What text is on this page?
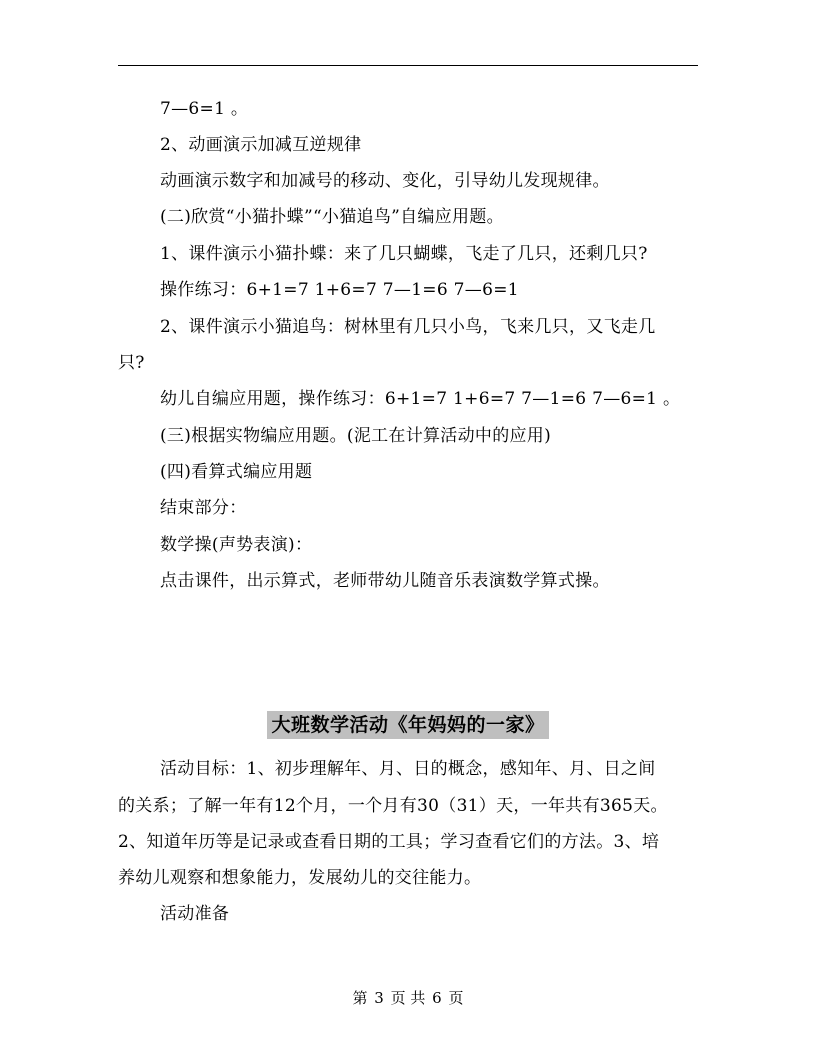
7—6=1 。
2、动画演示加减互逆规律
动画演示数字和加减号的移动、变化，引导幼儿发现规律。
(二)欣赏“小猫扑蝶”“小猫追鸟”自编应用题。
1、课件演示小猫扑蝶：来了几只蝴蝶，飞走了几只，还剩几只?
操作练习：6+1=7 1+6=7 7—1=6 7—6=1
2、课件演示小猫追鸟：树林里有几只小鸟，飞来几只，又飞走几
只?
幼儿自编应用题，操作练习：6+1=7 1+6=7 7—1=6 7—6=1 。
(三)根据实物编应用题。(泥工在计算活动中的应用)
(四)看算式编应用题
结束部分：
数学操(声势表演)：
点击课件，出示算式，老师带幼儿随音乐表演数学算式操。
大班数学活动《年妈妈的一家》
活动目标：1、初步理解年、月、日的概念，感知年、月、日之间
的关系；了解一年有12个月，一个月有30（31）天，一年共有365天。
2、知道年历等是记录或查看日期的工具；学习查看它们的方法。3、培
养幼儿观察和想象能力，发展幼儿的交往能力。
活动准备
第 3 页 共 6 页
